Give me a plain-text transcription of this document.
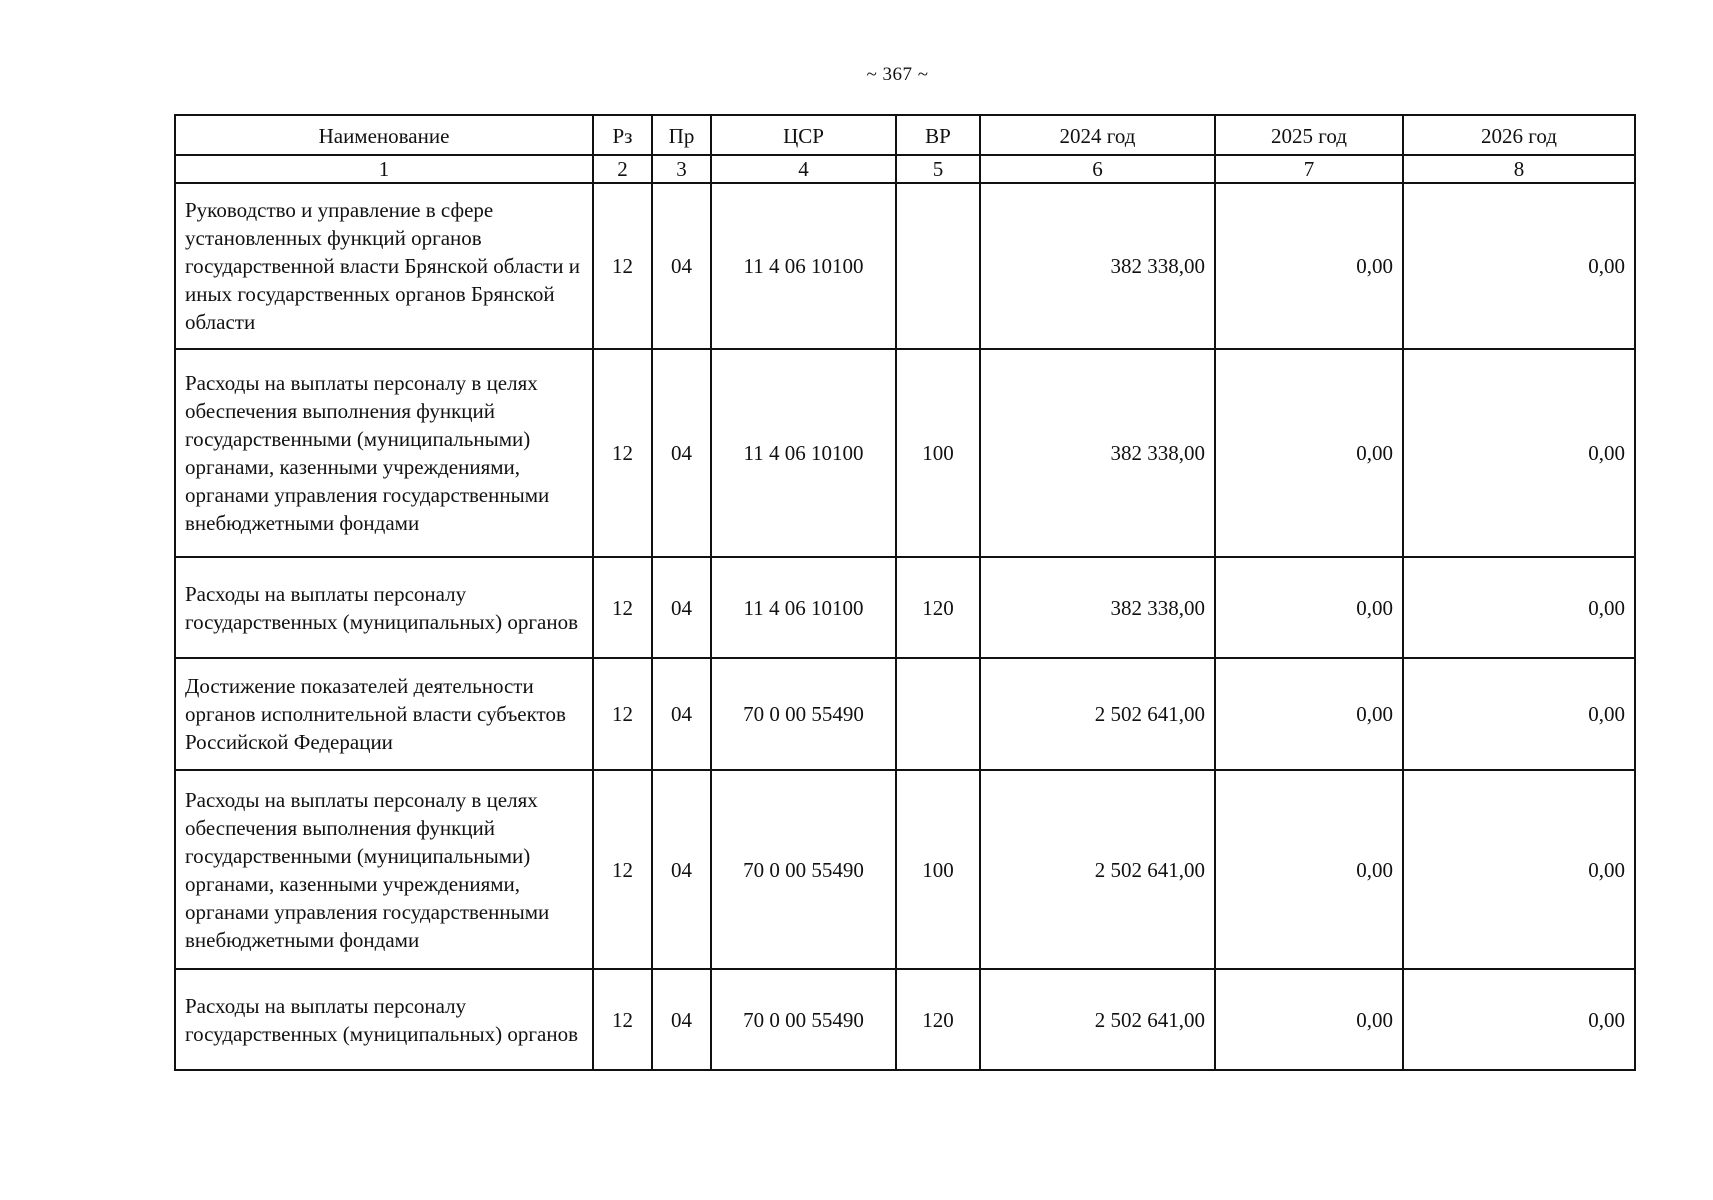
~ 367 ~
Наименование	Рз	Пр	ЦСР	ВР	2024 год	2025 год	2026 год
1	2	3	4	5	6	7	8
Руководство и управление в сфере установленных функций органов государственной власти Брянской области и иных государственных органов Брянской области	12	04	11 4 06 10100		382 338,00	0,00	0,00
Расходы на выплаты персоналу в целях обеспечения выполнения функций государственными (муниципальными) органами, казенными учреждениями, органами управления государственными внебюджетными фондами	12	04	11 4 06 10100	100	382 338,00	0,00	0,00
Расходы на выплаты персоналу государственных (муниципальных) органов	12	04	11 4 06 10100	120	382 338,00	0,00	0,00
Достижение показателей деятельности органов исполнительной власти субъектов Российской Федерации	12	04	70 0 00 55490		2 502 641,00	0,00	0,00
Расходы на выплаты персоналу в целях обеспечения выполнения функций государственными (муниципальными) органами, казенными учреждениями, органами управления государственными внебюджетными фондами	12	04	70 0 00 55490	100	2 502 641,00	0,00	0,00
Расходы на выплаты персоналу государственных (муниципальных) органов	12	04	70 0 00 55490	120	2 502 641,00	0,00	0,00
